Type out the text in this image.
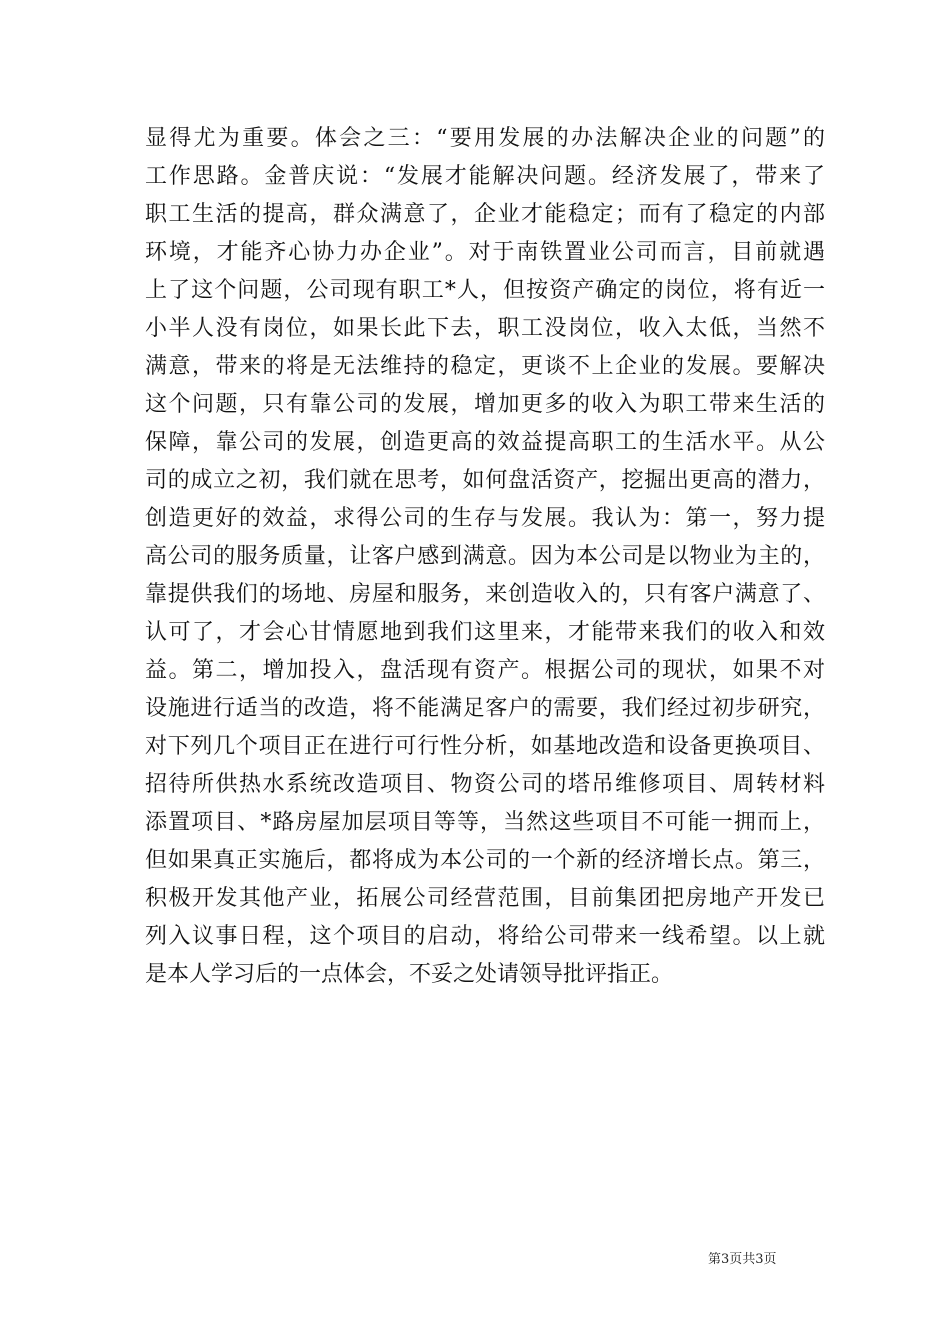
显得尤为重要。体会之三：“要用发展的办法解决企业的问题”的
工作思路。金普庆说：“发展才能解决问题。经济发展了，带来了
职工生活的提高，群众满意了，企业才能稳定；而有了稳定的内部
环境，才能齐心协力办企业”。对于南铁置业公司而言，目前就遇
上了这个问题，公司现有职工*人，但按资产确定的岗位，将有近一
小半人没有岗位，如果长此下去，职工没岗位，收入太低，当然不
满意，带来的将是无法维持的稳定，更谈不上企业的发展。要解决
这个问题，只有靠公司的发展，增加更多的收入为职工带来生活的
保障，靠公司的发展，创造更高的效益提高职工的生活水平。从公
司的成立之初，我们就在思考，如何盘活资产，挖掘出更高的潜力，
创造更好的效益，求得公司的生存与发展。我认为：第一，努力提
高公司的服务质量，让客户感到满意。因为本公司是以物业为主的，
靠提供我们的场地、房屋和服务，来创造收入的，只有客户满意了、
认可了，才会心甘情愿地到我们这里来，才能带来我们的收入和效
益。第二，增加投入，盘活现有资产。根据公司的现状，如果不对
设施进行适当的改造，将不能满足客户的需要，我们经过初步研究，
对下列几个项目正在进行可行性分析，如基地改造和设备更换项目、
招待所供热水系统改造项目、物资公司的塔吊维修项目、周转材料
添置项目、*路房屋加层项目等等，当然这些项目不可能一拥而上，
但如果真正实施后，都将成为本公司的一个新的经济增长点。第三，
积极开发其他产业，拓展公司经营范围，目前集团把房地产开发已
列入议事日程，这个项目的启动，将给公司带来一线希望。以上就
是本人学习后的一点体会，不妥之处请领导批评指正。
第3页共3页
